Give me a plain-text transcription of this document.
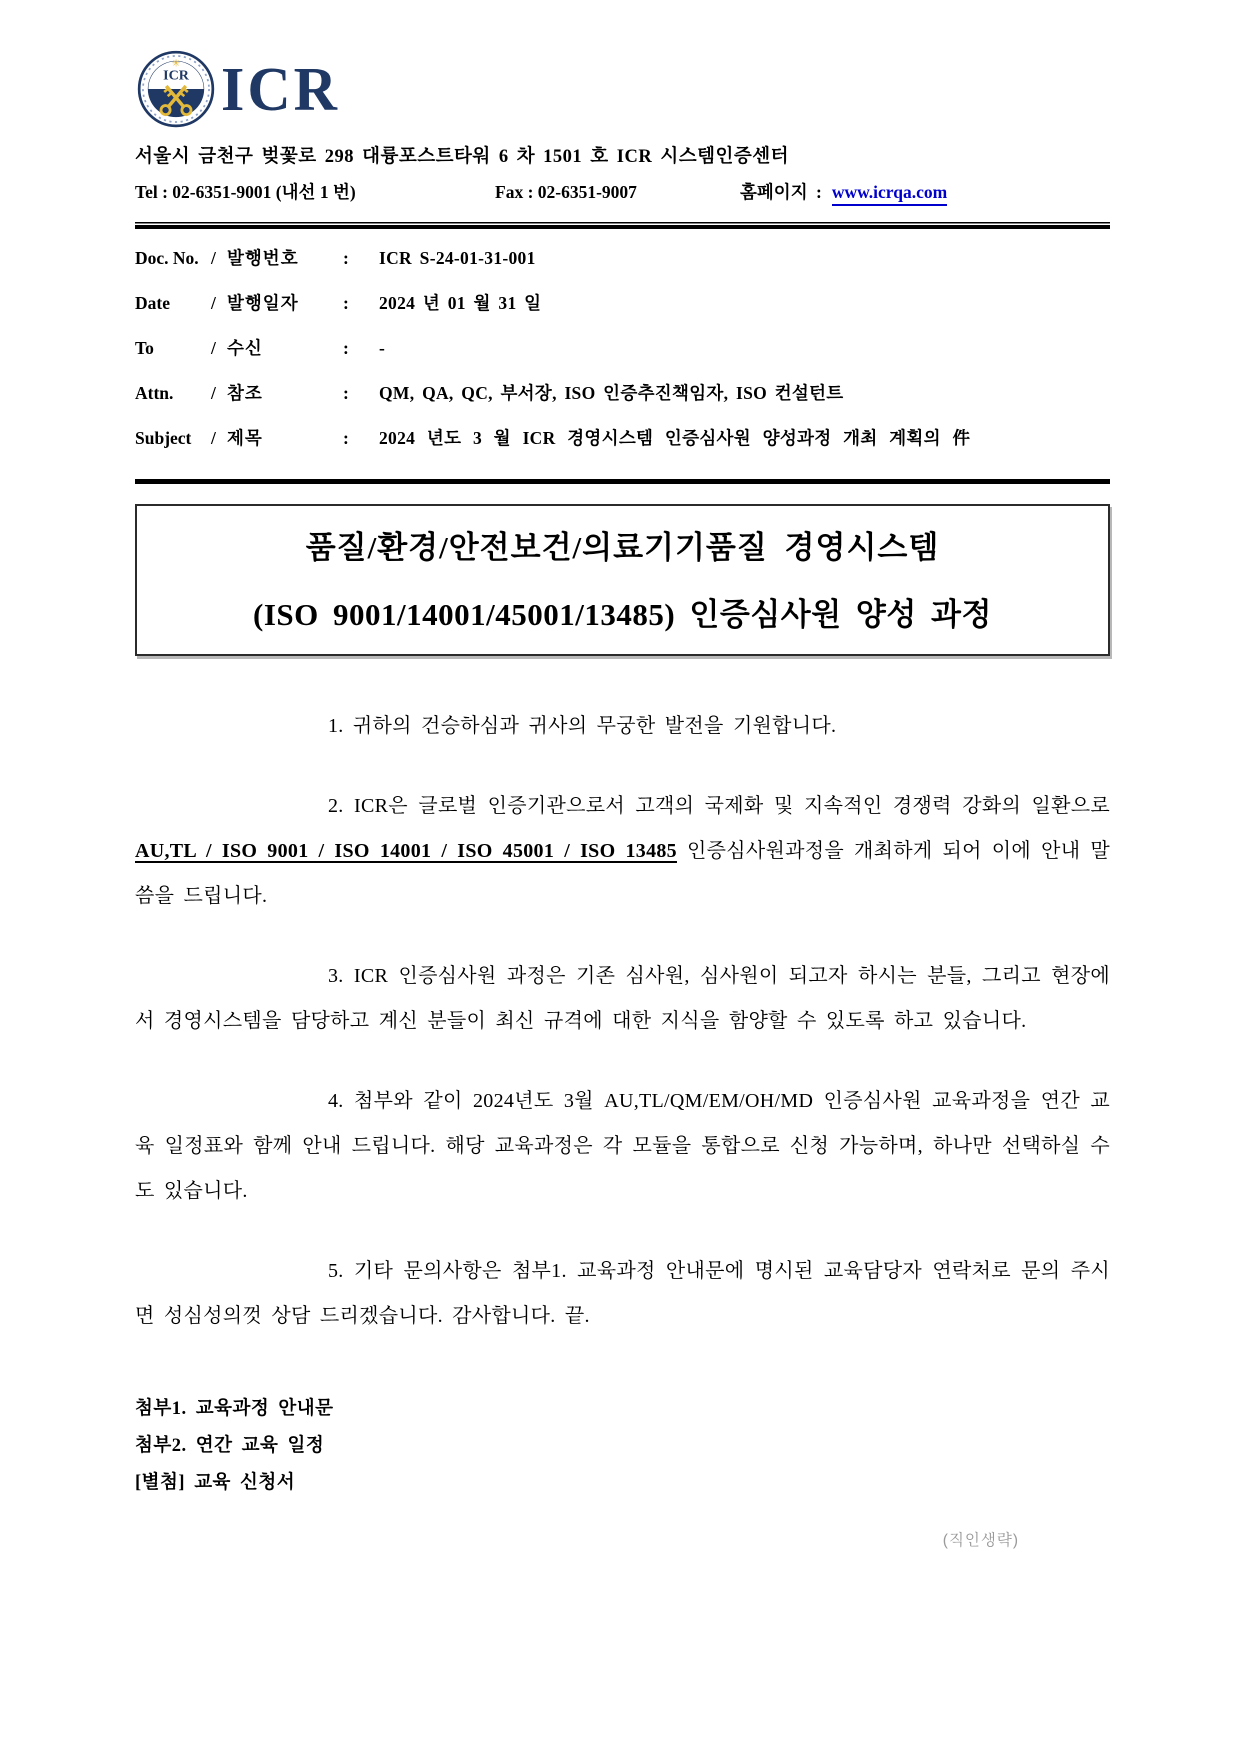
ICR
✳ ICR
서울시 금천구 벚꽃로 298 대륭포스트타워 6 차 1501 호 ICR 시스템인증센터
Tel : 02-6351-9001 (내선 1 번)	Fax : 02-6351-9007	홈페이지 : www.icrqa.com
Doc. No. / 발행번호	:	ICR S-24-01-31-001
Date	/ 발행일자	:	2024 년 01 월 31 일
To	/ 수신	:	-
Attn.	/ 참조	:	QM, QA, QC, 부서장, ISO 인증추진책임자, ISO 컨설턴트
Subject	/ 제목	:	2024 년도 3 월 ICR 경영시스템 인증심사원 양성과정 개최 계획의 件
품질/환경/안전보건/의료기기품질 경영시스템
(ISO 9001/14001/45001/13485) 인증심사원 양성 과정

1. 귀하의 건승하심과 귀사의 무궁한 발전을 기원합니다.

2. ICR은 글로벌 인증기관으로서 고객의 국제화 및 지속적인 경쟁력 강화의 일환으로 AU,TL / ISO 9001 / ISO 14001 / ISO 45001 / ISO 13485 인증심사원과정을 개최하게 되어 이에 안내 말씀을 드립니다.

3. ICR 인증심사원 과정은 기존 심사원, 심사원이 되고자 하시는 분들, 그리고 현장에서 경영시스템을 담당하고 계신 분들이 최신 규격에 대한 지식을 함양할 수 있도록 하고 있습니다.

4. 첨부와 같이 2024년도 3월 AU,TL/QM/EM/OH/MD 인증심사원 교육과정을 연간 교육 일정표와 함께 안내 드립니다. 해당 교육과정은 각 모듈을 통합으로 신청 가능하며, 하나만 선택하실 수도 있습니다.

5. 기타 문의사항은 첨부1. 교육과정 안내문에 명시된 교육담당자 연락처로 문의 주시면 성심성의껏 상담 드리겠습니다. 감사합니다. 끝.

첨부1. 교육과정 안내문
첨부2. 연간 교육 일정
[별첨] 교육 신청서
(직인생략)
